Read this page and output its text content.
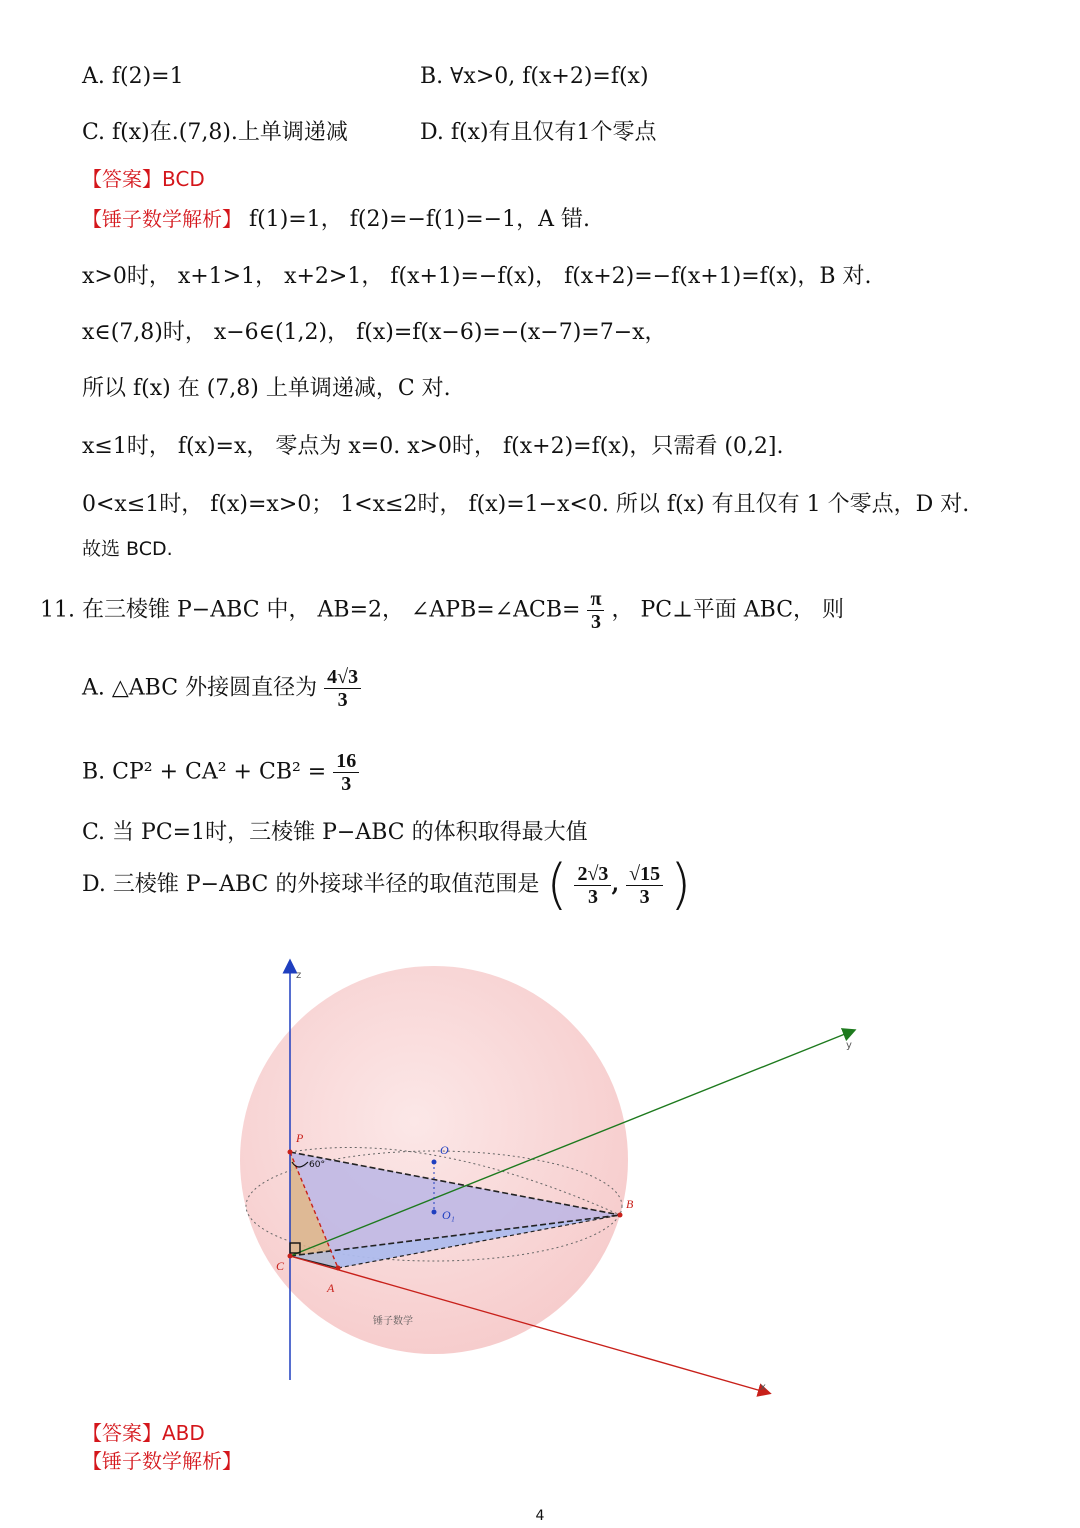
A. f(2)=1	B. ∀x>0, f(x+2)=f(x)
C. f(x)在.(7,8).上单调递减	D. f(x)有且仅有1个零点
【答案】BCD
【锤子数学解析】 f(1)=1， f(2)=−f(1)=−1，A 错.
x>0时， x+1>1， x+2>1， f(x+1)=−f(x)， f(x+2)=−f(x+1)=f(x)，B 对.
x∈(7,8)时， x−6∈(1,2)， f(x)=f(x−6)=−(x−7)=7−x，
所以 f(x) 在 (7,8) 上单调递减，C 对.
x≤1时， f(x)=x， 零点为 x=0. x>0时， f(x+2)=f(x)，只需看 (0,2].
0<x≤1时， f(x)=x>0； 1<x≤2时， f(x)=1−x<0. 所以 f(x) 有且仅有 1 个零点，D 对.
故选 BCD.
11. 在三棱锥 P−ABC 中， AB=2， ∠APB=∠ACB= $\frac{\pi}{3}$ ， PC⊥平面 ABC， 则
A. △ABC 外接圆直径为 $\frac{4√3}{3}$
B. $CP^2 + CA^2 + CB^2 = \frac{16}{3}$
C. 当 PC=1时，三棱锥 P−ABC 的体积取得最大值
D. 三棱锥 P−ABC 的外接球半径的取值范围是 ( $\frac{2√3}{3}$ , $\frac{√15}{3}$ )
P
B
C
A
O
O₁
z
y
x
60°
锤子数学
【答案】ABD
【锤子数学解析】
4
